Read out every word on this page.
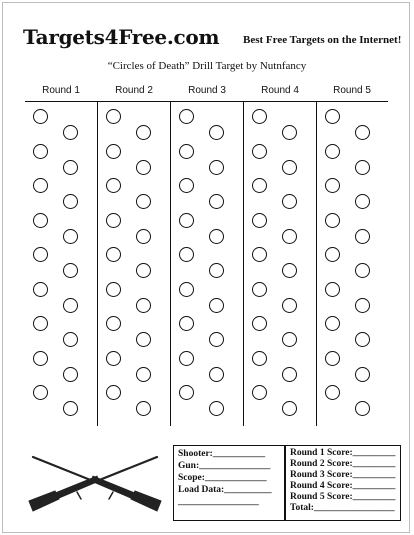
Targets4Free.com Best Free Targets on the Internet!
“Circles of Death” Drill Target by Nutnfancy
Round 1	Round 2	Round 3	Round 4	Round 5
Shooter:___________
Gun:_______________
Scope:_____________
Load Data:__________
_________________
Round 1 Score:_________
Round 2 Score:_________
Round 3 Score:_________
Round 4 Score:_________
Round 5 Score:_________
Total:_________________
